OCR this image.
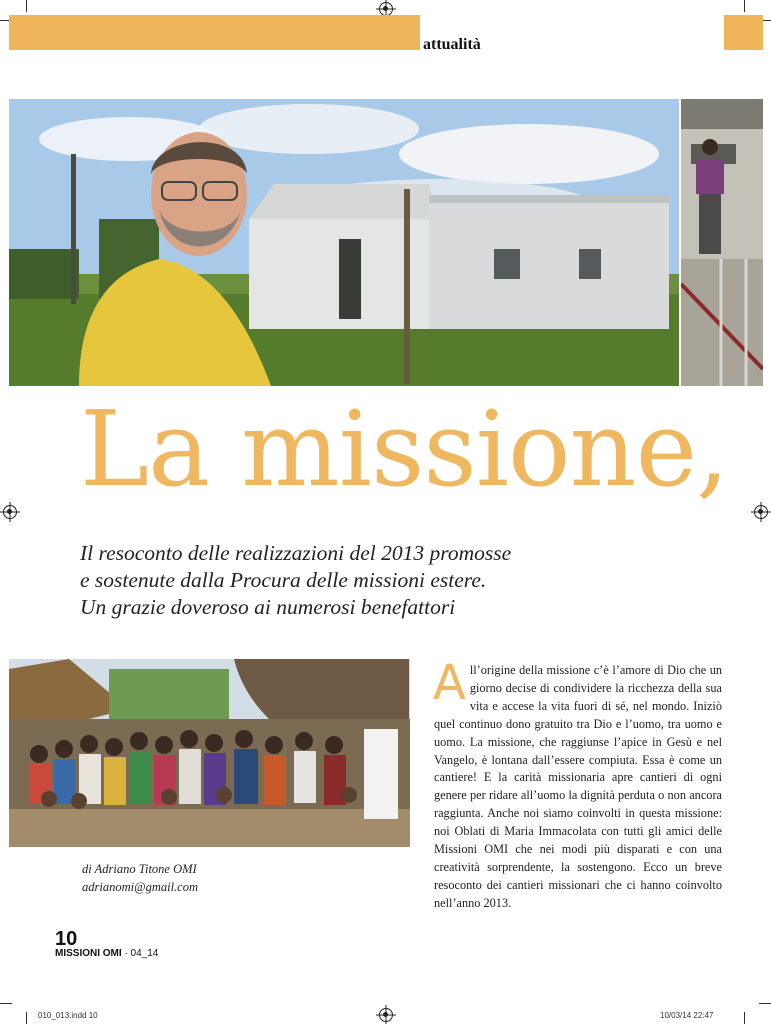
attualità
La missione,
Il resoconto delle realizzazioni del 2013 promosse
e sostenute dalla Procura delle missioni estere.
Un grazie doveroso ai numerosi benefattori
di Adriano Titone OMI
adrianomi@gmail.com
All’origine della missione c’è l’amore di Dio che un giorno decise di condividere la ricchezza della sua vita e accese la vita fuori di sé, nel mondo. Iniziò quel continuo dono gratuito tra Dio e l’uomo, tra uomo e uomo. La missione, che raggiunse l’apice in Gesù e nel Vangelo, è lontana dall’essere compiuta. Essa è come un cantiere! E la carità missionaria apre cantieri di ogni genere per ridare all’uomo la dignità perduta o non ancora raggiunta. Anche noi siamo coinvolti in questa missione: noi Oblati di Maria Immacolata con tutti gli amici delle Missioni OMI che nei modi più disparati e con una creatività sorprendente, la sostengono. Ecco un breve resoconto dei cantieri missionari che ci hanno coinvolto nell’anno 2013.
10
MISSIONI OMI · 04_14
010_013.indd 10	10/03/14 22:47
